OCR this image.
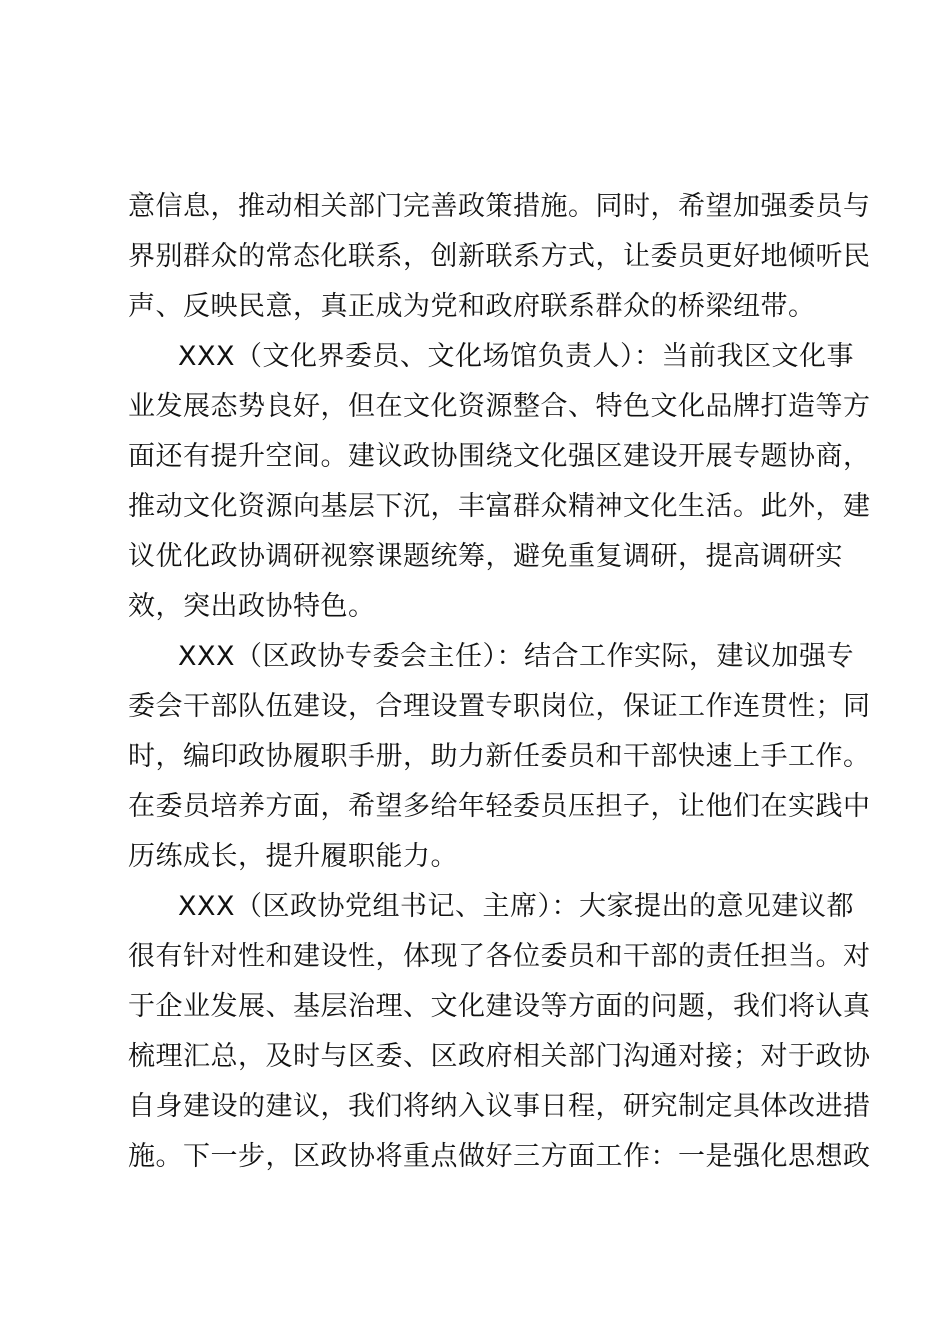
意信息，推动相关部门完善政策措施。同时，希望加强委员与
界别群众的常态化联系，创新联系方式，让委员更好地倾听民
声、反映民意，真正成为党和政府联系群众的桥梁纽带。
XXX（文化界委员、文化场馆负责人）：当前我区文化事
业发展态势良好，但在文化资源整合、特色文化品牌打造等方
面还有提升空间。建议政协围绕文化强区建设开展专题协商，
推动文化资源向基层下沉，丰富群众精神文化生活。此外，建
议优化政协调研视察课题统筹，避免重复调研，提高调研实
效，突出政协特色。
XXX（区政协专委会主任）：结合工作实际，建议加强专
委会干部队伍建设，合理设置专职岗位，保证工作连贯性；同
时，编印政协履职手册，助力新任委员和干部快速上手工作。
在委员培养方面，希望多给年轻委员压担子，让他们在实践中
历练成长，提升履职能力。
XXX（区政协党组书记、主席）：大家提出的意见建议都
很有针对性和建设性，体现了各位委员和干部的责任担当。对
于企业发展、基层治理、文化建设等方面的问题，我们将认真
梳理汇总，及时与区委、区政府相关部门沟通对接；对于政协
自身建设的建议，我们将纳入议事日程，研究制定具体改进措
施。下一步，区政协将重点做好三方面工作：一是强化思想政
